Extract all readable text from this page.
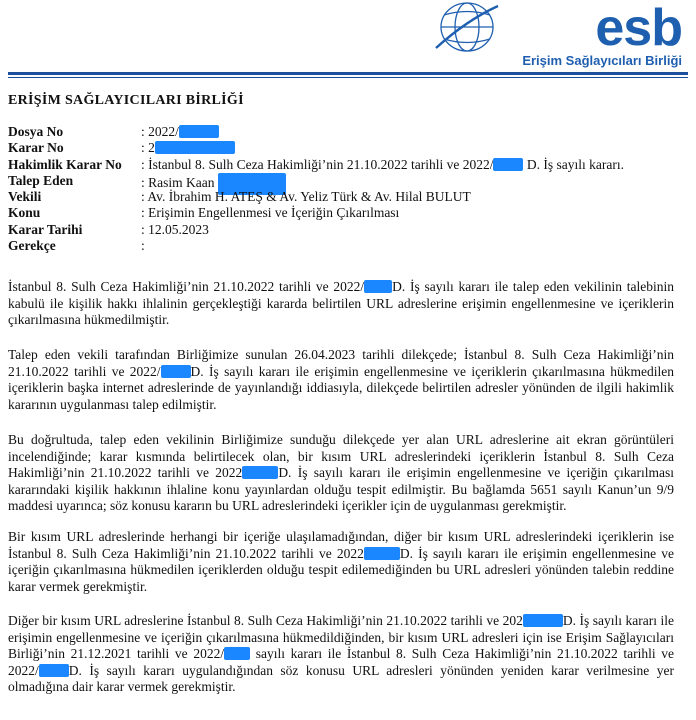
esb
Erişim Sağlayıcıları Birliği
ERİŞİM SAĞLAYICILARI BİRLİĞİ
Dosya No	: 2022/
Karar No	: 2
Hakimlik Karar No	: İstanbul 8. Sulh Ceza Hakimliği’nin 21.10.2022 tarihli ve 2022/ D. İş sayılı kararı.
Talep Eden	: Rasim Kaan
Vekili	: Av. İbrahim H. ATEŞ & Av. Yeliz Türk & Av. Hilal BULUT
Konu	: Erişimin Engellenmesi ve İçeriğin Çıkarılması
Karar Tarihi	: 12.05.2023
Gerekçe	:

İstanbul 8. Sulh Ceza Hakimliği’nin 21.10.2022 tarihli ve 2022/ D. İş sayılı kararı ile talep eden vekilinin talebinin kabulü ile kişilik hakkı ihlalinin gerçekleştiği kararda belirtilen URL adreslerine erişimin engellenmesine ve içeriklerin çıkarılmasına hükmedilmiştir.

Talep eden vekili tarafından Birliğimize sunulan 26.04.2023 tarihli dilekçede; İstanbul 8. Sulh Ceza Hakimliği’nin 21.10.2022 tarihli ve 2022/ D. İş sayılı kararı ile erişimin engellenmesine ve içeriklerin çıkarılmasına hükmedilen içeriklerin başka internet adreslerinde de yayınlandığı iddiasıyla, dilekçede belirtilen adresler yönünden de ilgili hakimlik kararının uygulanması talep edilmiştir.

Bu doğrultuda, talep eden vekilinin Birliğimize sunduğu dilekçede yer alan URL adreslerine ait ekran görüntüleri incelendiğinde; karar kısmında belirtilecek olan, bir kısım URL adreslerindeki içeriklerin İstanbul 8. Sulh Ceza Hakimliği’nin 21.10.2022 tarihli ve 2022	D. İş sayılı kararı ile erişimin engellenmesine ve içeriğin çıkarılması kararındaki kişilik hakkının ihlaline konu yayınlardan olduğu tespit edilmiştir. Bu bağlamda 5651 sayılı Kanun’un 9/9 maddesi uyarınca; söz konusu kararın bu URL adreslerindeki içerikler için de uygulanması gerekmiştir.

Bir kısım URL adreslerinde herhangi bir içeriğe ulaşılamadığından, diğer bir kısım URL adreslerindeki içeriklerin ise İstanbul 8. Sulh Ceza Hakimliği’nin 21.10.2022 tarihli ve 2022	D. İş sayılı kararı ile erişimin engellenmesine ve içeriğin çıkarılmasına hükmedilen içeriklerden olduğu tespit edilemediğinden bu URL adresleri yönünden talebin reddine karar vermek gerekmiştir.

Diğer bir kısım URL adreslerine İstanbul 8. Sulh Ceza Hakimliği’nin 21.10.2022 tarihli ve 202	D. İş sayılı kararı ile erişimin engellenmesine ve içeriğin çıkarılmasına hükmedildiğinden, bir kısım URL adresleri için ise Erişim Sağlayıcıları Birliği’nin 21.12.2021 tarihli ve 2022/ sayılı kararı ile İstanbul 8. Sulh Ceza Hakimliği’nin 21.10.2022 tarihli ve 2022/ D. İş sayılı kararı uygulandığından söz konusu URL adresleri yönünden yeniden karar verilmesine yer olmadığına dair karar vermek gerekmiştir.
